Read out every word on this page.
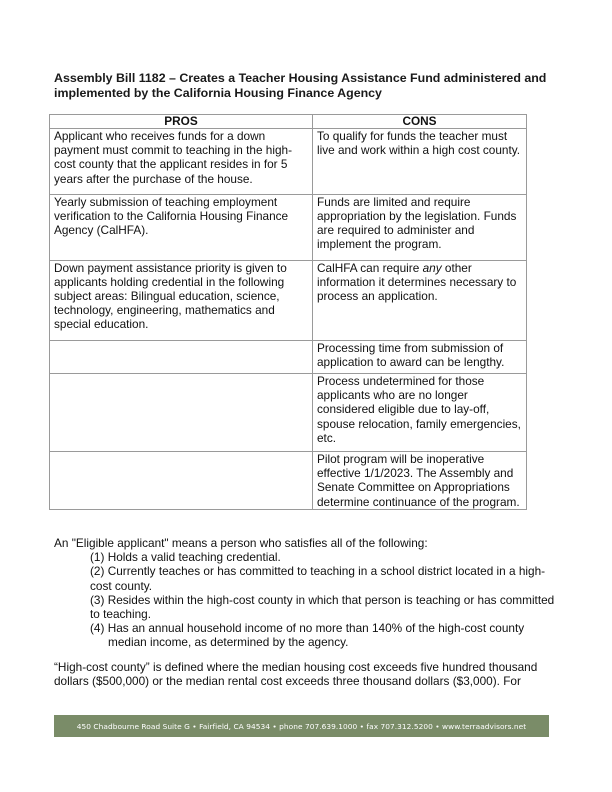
Assembly Bill 1182 – Creates a Teacher Housing Assistance Fund administered and implemented by the California Housing Finance Agency
PROS	CONS
Applicant who receives funds for a down payment must commit to teaching in the high-cost county that the applicant resides in for 5 years after the purchase of the house.	To qualify for funds the teacher must live and work within a high cost county.
Yearly submission of teaching employment verification to the California Housing Finance Agency (CalHFA).	Funds are limited and require appropriation by the legislation. Funds are required to administer and implement the program.
Down payment assistance priority is given to applicants holding credential in the following subject areas: Bilingual education, science, technology, engineering, mathematics and special education.	CalHFA can require any other information it determines necessary to process an application.
	Processing time from submission of application to award can be lengthy.
	Process undetermined for those applicants who are no longer considered eligible due to lay-off, spouse relocation, family emergencies, etc.
	Pilot program will be inoperative effective 1/1/2023. The Assembly and Senate Committee on Appropriations determine continuance of the program.
An "Eligible applicant" means a person who satisfies all of the following:
(1) Holds a valid teaching credential.
(2) Currently teaches or has committed to teaching in a school district located in a high-cost county.
(3) Resides within the high-cost county in which that person is teaching or has committed to teaching.
(4) Has an annual household income of no more than 140% of the high-cost county median income, as determined by the agency.
“High-cost county” is defined where the median housing cost exceeds five hundred thousand dollars ($500,000) or the median rental cost exceeds three thousand dollars ($3,000). For
450 Chadbourne Road Suite G • Fairfield, CA 94534 • phone 707.639.1000 • fax 707.312.5200 • www.terraadvisors.net
